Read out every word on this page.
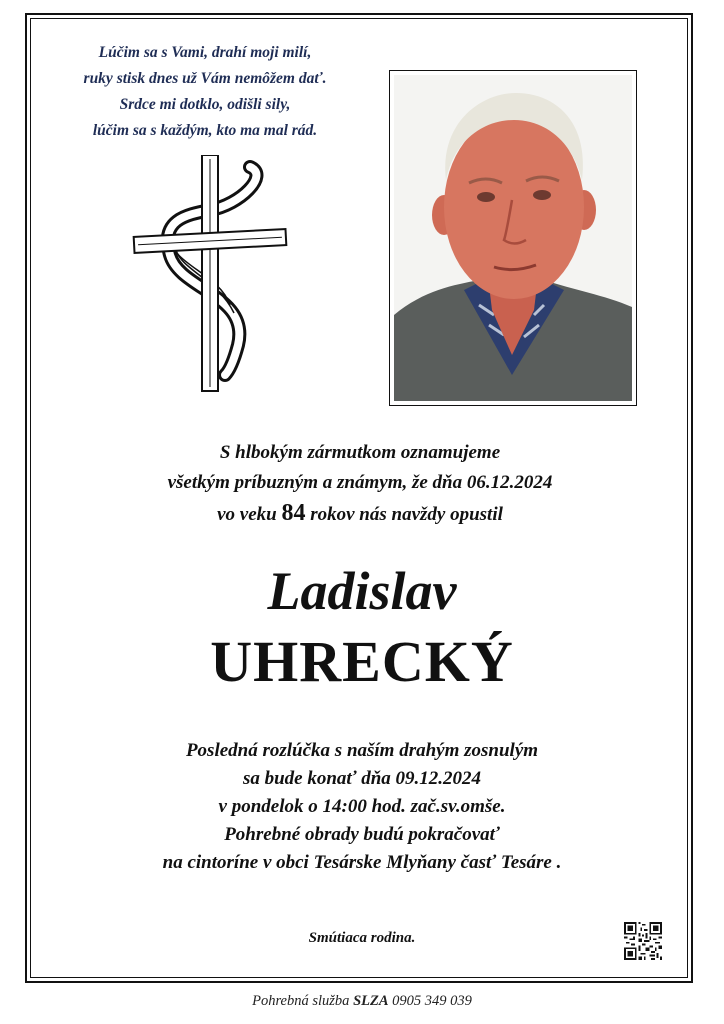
Lúčim sa s Vami, drahí moji milí,
ruky stisk dnes už Vám nemôžem dať.
Srdce mi dotklo, odišli sily,
lúčim sa s každým, kto ma mal rád.
S hlbokým zármutkom oznamujeme
všetkým príbuzným a známym, že dňa 06.12.2024
vo veku 84 rokov nás navždy opustil
Ladislav
UHRECKÝ
Posledná rozlúčka s naším drahým zosnulým
sa bude konať dňa 09.12.2024
v pondelok o 14:00 hod. zač.sv.omše.
Pohrebné obrady budú pokračovať
na cintoríne v obci Tesárske Mlyňany časť Tesáre .
Smútiaca rodina.
Pohrebná služba SLZA 0905 349 039
